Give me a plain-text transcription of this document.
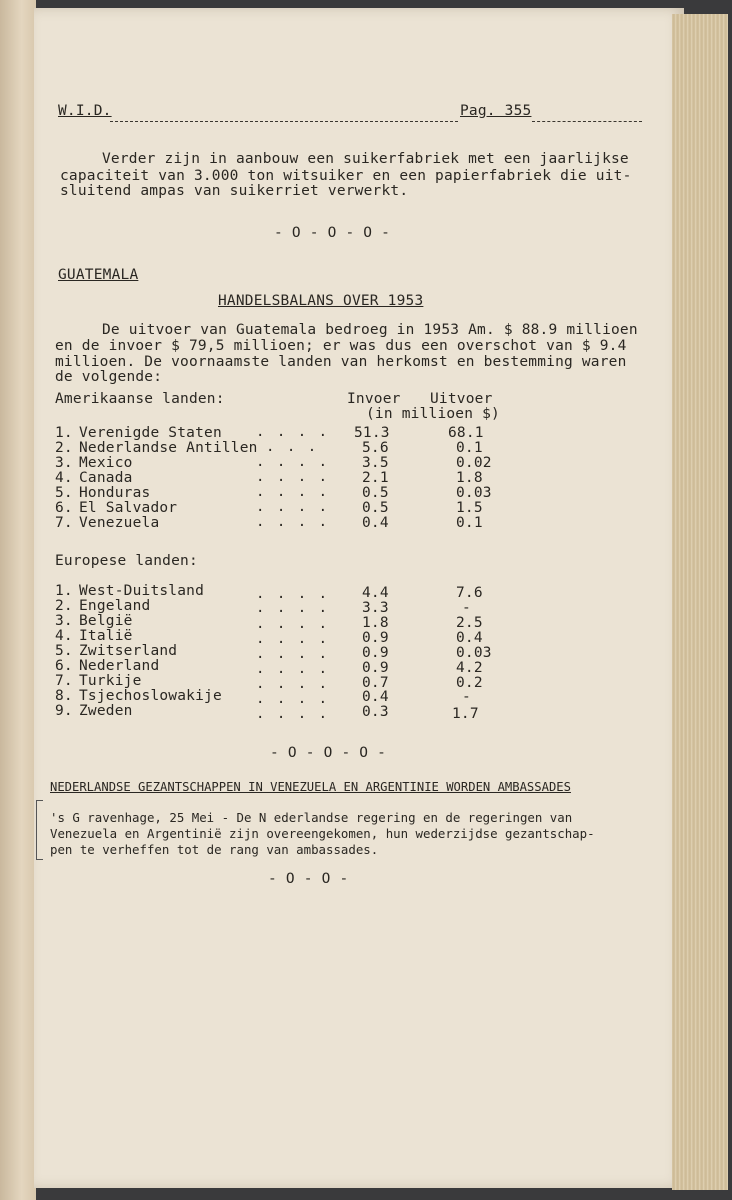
W.I.D.	Pag. 355
Verder zijn in aanbouw een suikerfabriek met een jaarlijkse
capaciteit van 3.000 ton witsuiker en een papierfabriek die uit-
sluitend ampas van suikerriet verwerkt.
- O - O - O -
GUATEMALA
HANDELSBALANS OVER 1953
De uitvoer van Guatemala bedroeg in 1953 Am. $ 88.9 millioen
en de invoer $ 79,5 millioen; er was dus een overschot van $ 9.4
millioen. De voornaamste landen van herkomst en bestemming waren
de volgende:
Amerikaanse landen:	Invoer Uitvoer
(in millioen $)
1. Verenigde Staten . . . . 51.3	68.1
2. Nederlandse Antillen . . .	5.6	0.1
3. Mexico	. . . . 3.5	0.02
4. Canada	. . . . 2.1	1.8
5. Honduras	. . . . 0.5	0.03
6. El Salvador	. . . . 0.5	1.5
7. Venezuela	. . . . 0.4	0.1
Europese landen:
1. West-Duitsland	. . . . 4.4	7.6
2. Engeland	. . . . 3.3	-
3. België	. . . . 1.8	2.5
4. Italië	. . . . 0.9	0.4
5. Zwitserland	. . . . 0.9	0.03
6. Nederland	. . . . 0.9	4.2
7. Turkije	. . . . 0.7	0.2
8. Tsjechoslowakije . . . . 0.4	-
9. Zweden	. . . . 0.3	1.7
- O - O - O -
NEDERLANDSE GEZANTSCHAPPEN IN VENEZUELA EN ARGENTINIE WORDEN AMBASSADES
's G ravenhage, 25 Mei - De N ederlandse regering en de regeringen van
Venezuela en Argentinië zijn overeengekomen, hun wederzijdse gezantschap-
pen te verheffen tot de rang van ambassades.
- O - O -
